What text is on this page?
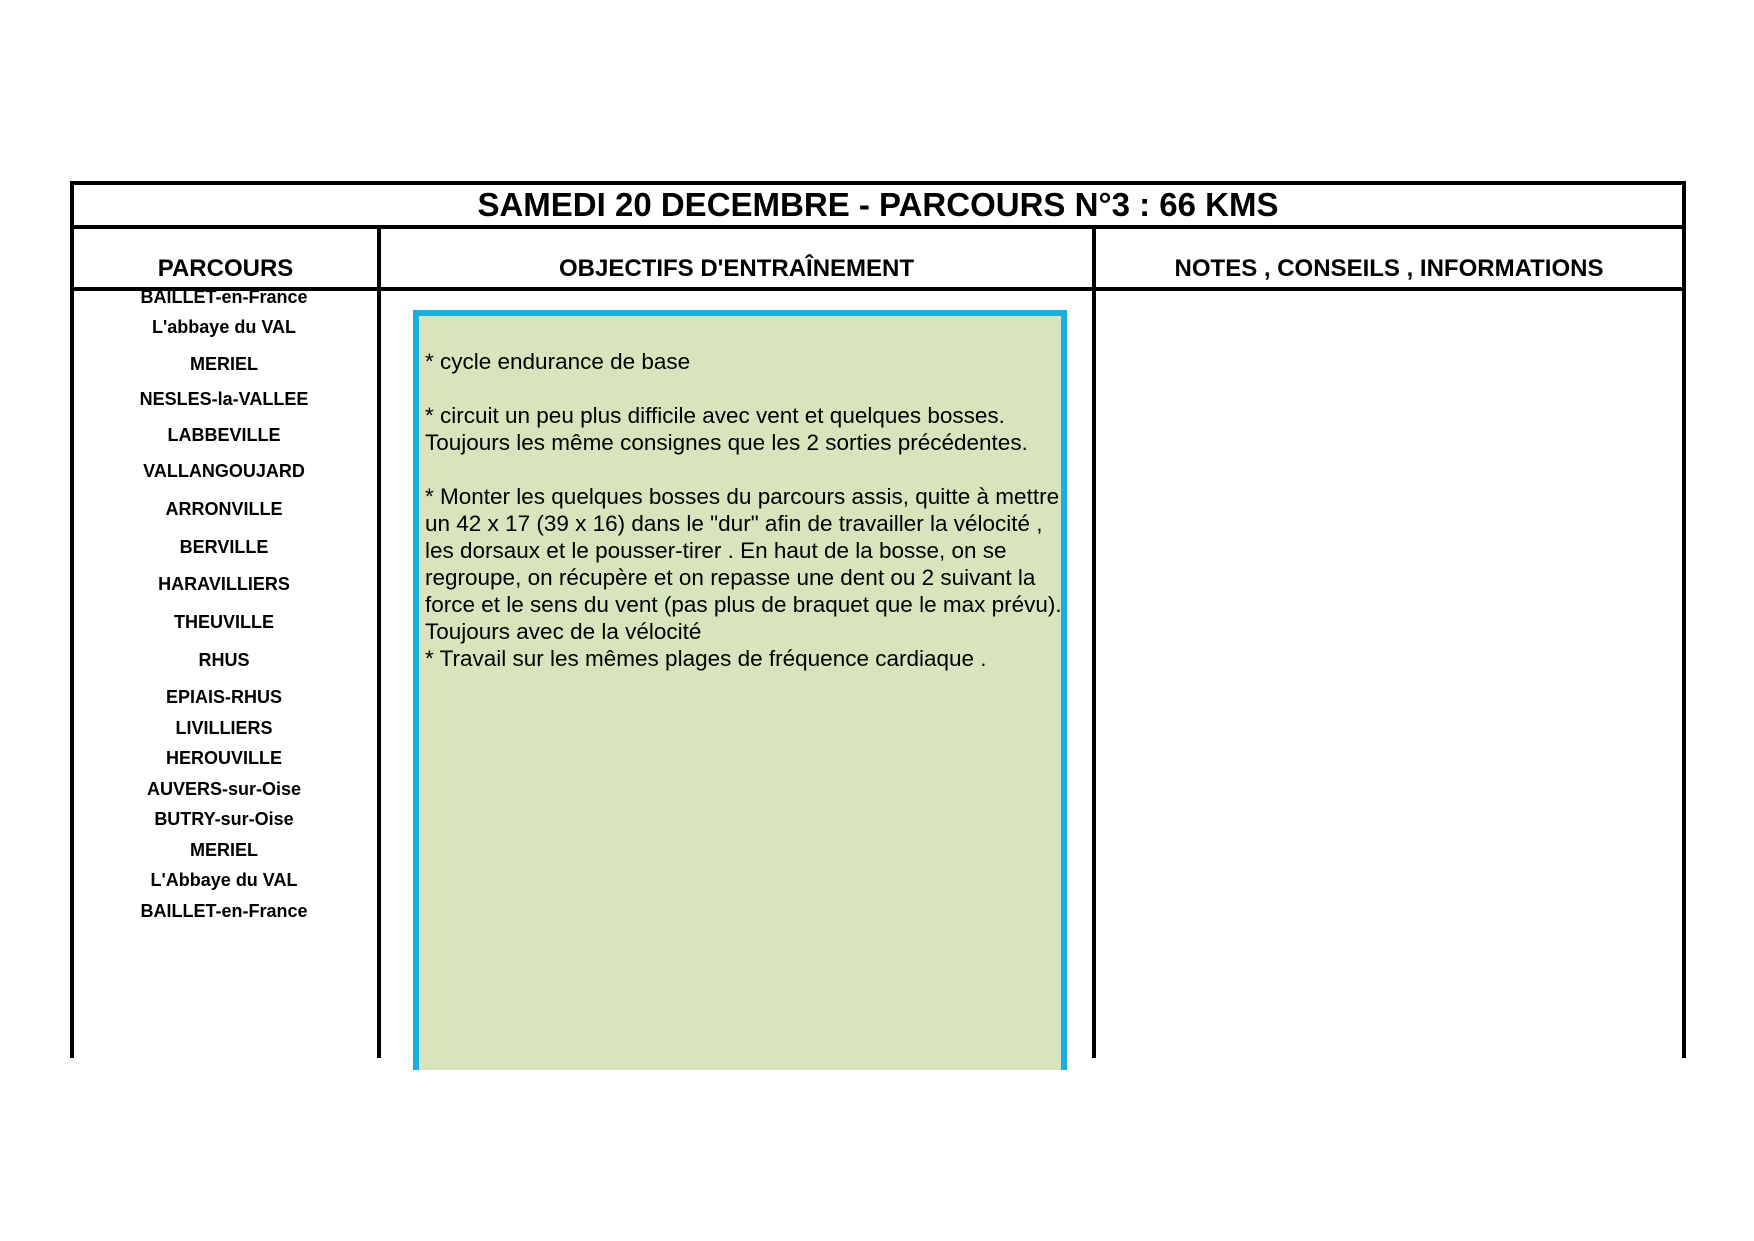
SAMEDI 20 DECEMBRE - PARCOURS N°3 : 66 KMS
PARCOURS	OBJECTIFS D'ENTRAÎNEMENT	NOTES , CONSEILS , INFORMATIONS
BAILLET-en-France
L'abbaye du VAL
MERIEL
NESLES-la-VALLEE
LABBEVILLE
VALLANGOUJARD
ARRONVILLE
BERVILLE
HARAVILLIERS
THEUVILLE
RHUS
EPIAIS-RHUS
LIVILLIERS
HEROUVILLE
AUVERS-sur-Oise
BUTRY-sur-Oise
MERIEL
L'Abbaye du VAL
BAILLET-en-France

* cycle endurance de base

* circuit un peu plus difficile avec vent et quelques bosses. Toujours les même consignes que les 2 sorties précédentes.

* Monter les quelques bosses du parcours assis, quitte à mettre un 42 x 17 (39 x 16) dans le "dur" afin de travailler la vélocité , les dorsaux et le pousser-tirer . En haut de la bosse, on se regroupe, on récupère et on repasse une dent ou 2 suivant la force et le sens du vent (pas plus de braquet que le max prévu). Toujours avec de la vélocité

* Travail sur les mêmes plages de fréquence cardiaque .
